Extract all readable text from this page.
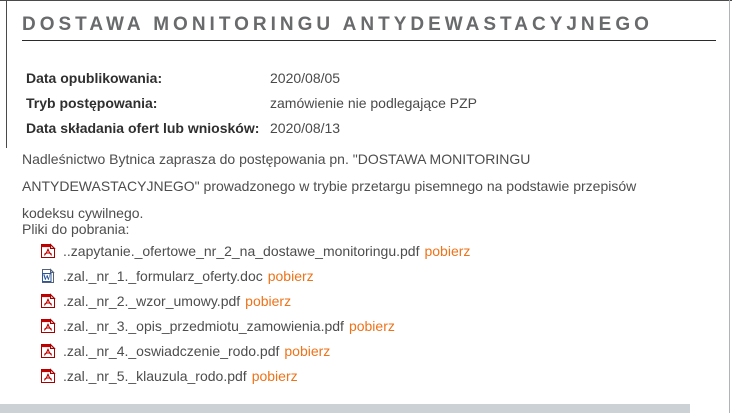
DOSTAWA MONITORINGU ANTYDEWASTACYJNEGO
Data opublikowania:	2020/08/05
Tryb postępowania:	zamówienie nie podlegające PZP
Data składania ofert lub wniosków: 2020/08/13

Nadleśnictwo Bytnica zaprasza do postępowania pn. "DOSTAWA MONITORINGU ANTYDEWASTACYJNEGO" prowadzonego w trybie przetargu pisemnego na podstawie przepisów kodeksu cywilnego.

Pliki do pobrania:
..zapytanie._ofertowe_nr_2_na_dostawe_monitoringu.pdf pobierz
W .zal._nr_1._formularz_oferty.doc pobierz
.zal._nr_2._wzor_umowy.pdf pobierz
.zal._nr_3._opis_przedmiotu_zamowienia.pdf pobierz
.zal._nr_4._oswiadczenie_rodo.pdf pobierz
.zal._nr_5._klauzula_rodo.pdf pobierz
